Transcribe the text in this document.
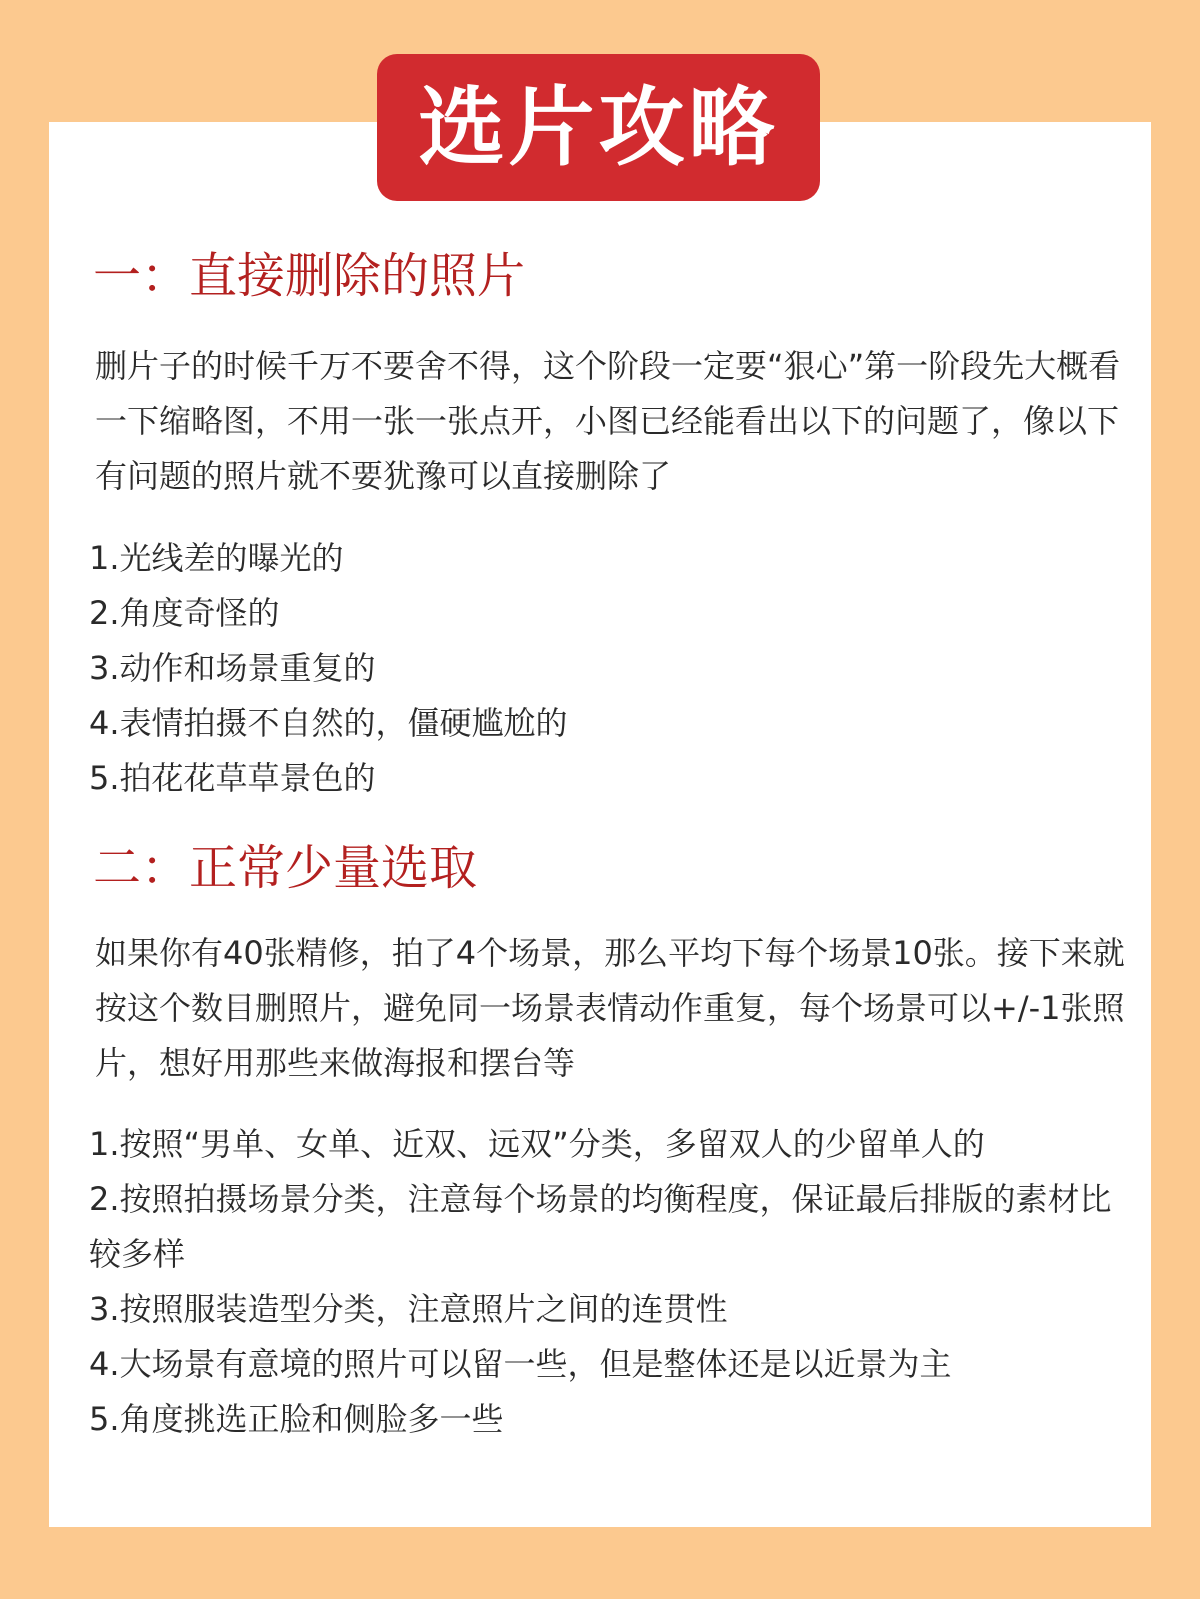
选片攻略
一：直接删除的照片

删片子的时候千万不要舍不得，这个阶段一定要“狠心”第一阶段先大概看一下缩略图，不用一张一张点开，小图已经能看出以下的问题了，像以下有问题的照片就不要犹豫可以直接删除了

1.光线差的曝光的
2.角度奇怪的
3.动作和场景重复的
4.表情拍摄不自然的，僵硬尴尬的
5.拍花花草草景色的
二：正常少量选取

如果你有40张精修，拍了4个场景，那么平均下每个场景10张。接下来就按这个数目删照片，避免同一场景表情动作重复，每个场景可以+/-1张照片，想好用那些来做海报和摆台等

1.按照“男单、女单、近双、远双”分类，多留双人的少留单人的
2.按照拍摄场景分类，注意每个场景的均衡程度，保证最后排版的素材比较多样
3.按照服装造型分类，注意照片之间的连贯性
4.大场景有意境的照片可以留一些，但是整体还是以近景为主
5.角度挑选正脸和侧脸多一些
